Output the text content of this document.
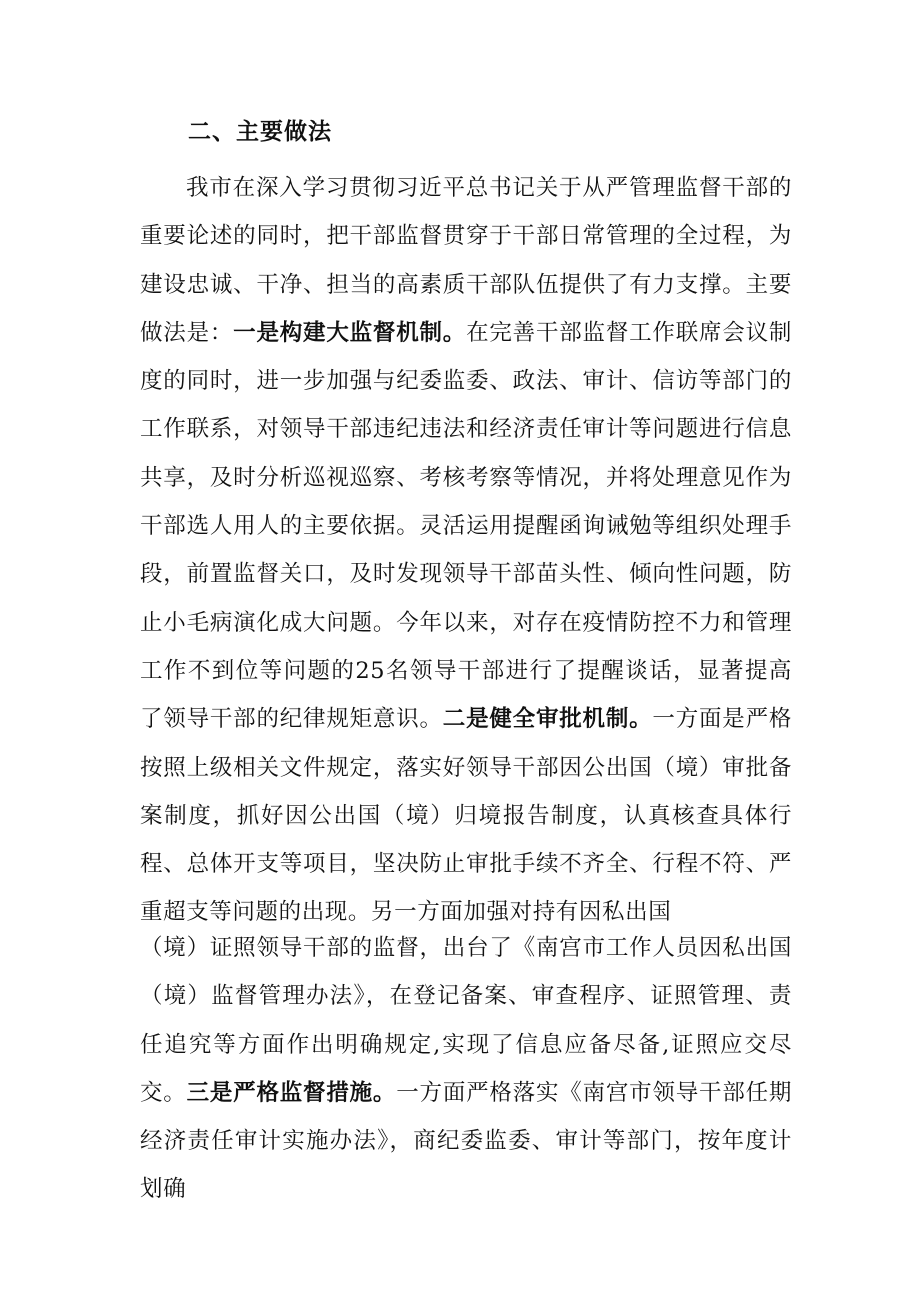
二、主要做法

我市在深入学习贯彻习近平总书记关于从严管理监督干部的重要论述的同时，把干部监督贯穿于干部日常管理的全过程，为建设忠诚、干净、担当的高素质干部队伍提供了有力支撑。主要做法是：一是构建大监督机制。在完善干部监督工作联席会议制度的同时，进一步加强与纪委监委、政法、审计、信访等部门的工作联系，对领导干部违纪违法和经济责任审计等问题进行信息共享，及时分析巡视巡察、考核考察等情况，并将处理意见作为干部选人用人的主要依据。灵活运用提醒函询诫勉等组织处理手段，前置监督关口，及时发现领导干部苗头性、倾向性问题，防止小毛病演化成大问题。今年以来，对存在疫情防控不力和管理工作不到位等问题的25名领导干部进行了提醒谈话，显著提高了领导干部的纪律规矩意识。二是健全审批机制。一方面是严格按照上级相关文件规定，落实好领导干部因公出国（境）审批备案制度，抓好因公出国（境）归境报告制度，认真核查具体行程、总体开支等项目，坚决防止审批手续不齐全、行程不符、严重超支等问题的出现。另一方面加强对持有因私出国

（境）证照领导干部的监督，出台了《南宫市工作人员因私出国（境）监督管理办法》，在登记备案、审查程序、证照管理、责任追究等方面作出明确规定,实现了信息应备尽备,证照应交尽交。三是严格监督措施。一方面严格落实《南宫市领导干部任期经济责任审计实施办法》，商纪委监委、审计等部门，按年度计划确
